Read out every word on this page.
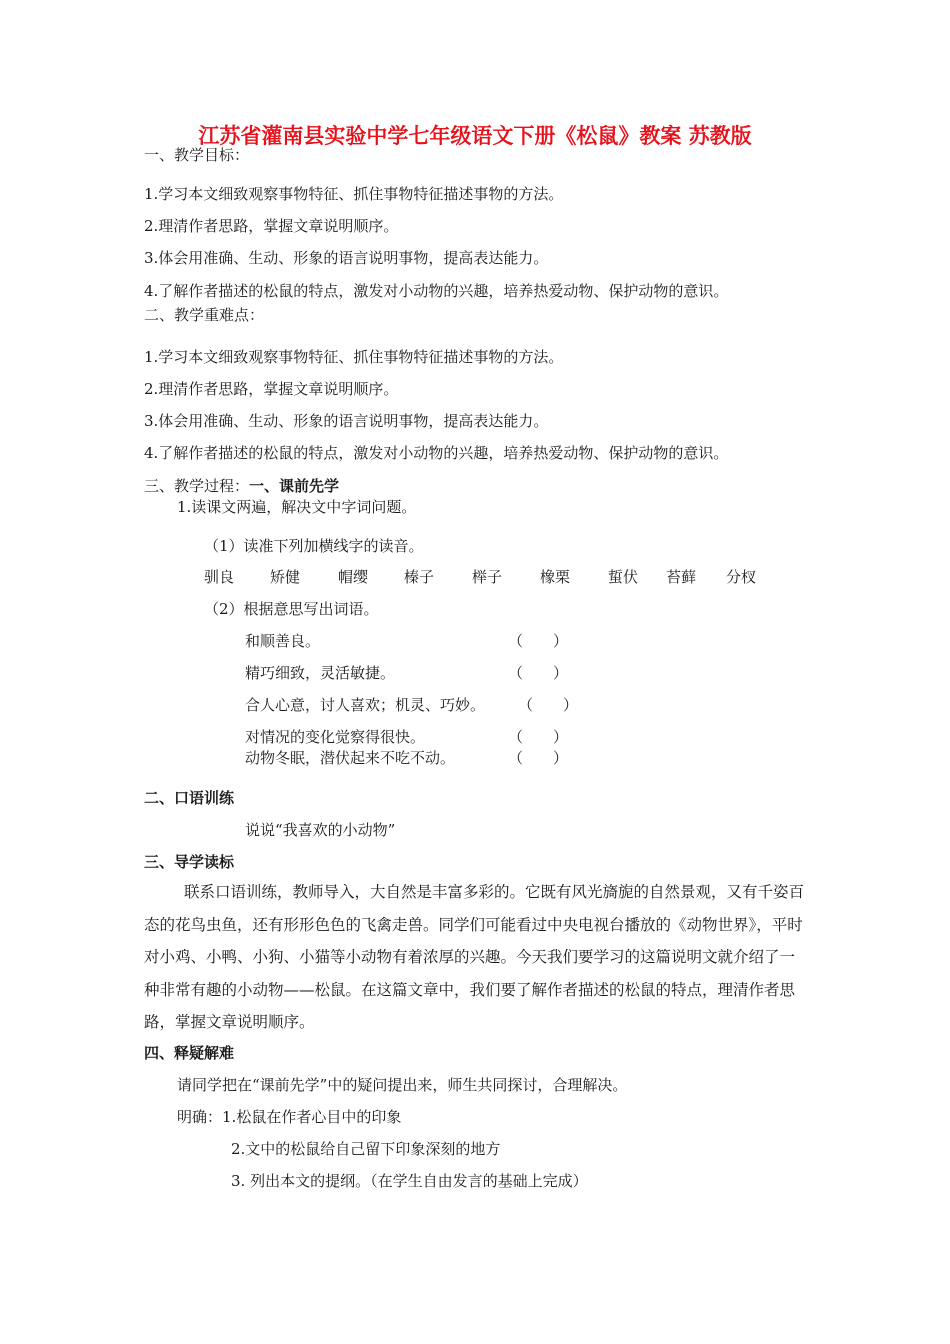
江苏省灌南县实验中学七年级语文下册《松鼠》教案 苏教版
一、教学目标：
1.学习本文细致观察事物特征、抓住事物特征描述事物的方法。
2.理清作者思路，掌握文章说明顺序。
3.体会用准确、生动、形象的语言说明事物，提高表达能力。
4.了解作者描述的松鼠的特点，激发对小动物的兴趣，培养热爱动物、保护动物的意识。
二、教学重难点：
1.学习本文细致观察事物特征、抓住事物特征描述事物的方法。
2.理清作者思路，掌握文章说明顺序。
3.体会用准确、生动、形象的语言说明事物，提高表达能力。
4.了解作者描述的松鼠的特点，激发对小动物的兴趣，培养热爱动物、保护动物的意识。
三、教学过程：一、课前先学
1.读课文两遍，解决文中字词问题。
（1）读准下列加横线字的读音。
驯良 矫健	帽缨 榛子	榉子	橡栗	蜇伏 苔藓 分杈
（2）根据意思写出词语。
和顺善良。	（　　）
精巧细致，灵活敏捷。	（　　）
合人心意，讨人喜欢；机灵、巧妙。 （　　）
对情况的变化觉察得很快。	（　　）
动物冬眠，潜伏起来不吃不动。	（　　）
二、口语训练
说说“我喜欢的小动物”
三、导学读标
联系口语训练，教师导入，大自然是丰富多彩的。它既有风光旖旎的自然景观，又有千姿百态的花鸟虫鱼，还有形形色色的飞禽走兽。同学们可能看过中央电视台播放的《动物世界》，平时对小鸡、小鸭、小狗、小猫等小动物有着浓厚的兴趣。今天我们要学习的这篇说明文就介绍了一种非常有趣的小动物——松鼠。在这篇文章中，我们要了解作者描述的松鼠的特点，理清作者思路，掌握文章说明顺序。
四、释疑解难
请同学把在“课前先学”中的疑问提出来，师生共同探讨，合理解决。
明确：1.松鼠在作者心目中的印象
2.文中的松鼠给自己留下印象深刻的地方
3. 列出本文的提纲。（在学生自由发言的基础上完成）
